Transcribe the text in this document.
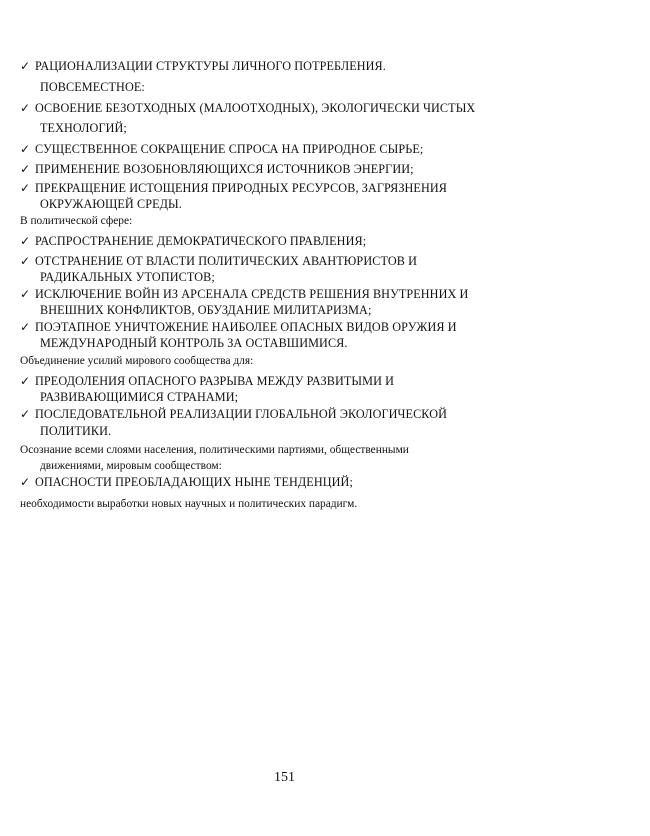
✓ РАЦИОНАЛИЗАЦИИ СТРУКТУРЫ ЛИЧНОГО ПОТРЕБЛЕНИЯ.
ПОВСЕМЕСТНОЕ:
✓ ОСВОЕНИЕ БЕЗОТХОДНЫХ (МАЛООТХОДНЫХ), ЭКОЛОГИЧЕСКИ ЧИСТЫХ
ТЕХНОЛОГИЙ;
✓ СУЩЕСТВЕННОЕ СОКРАЩЕНИЕ СПРОСА НА ПРИРОДНОЕ СЫРЬЕ;
✓ ПРИМЕНЕНИЕ ВОЗОБНОВЛЯЮЩИХСЯ ИСТОЧНИКОВ ЭНЕРГИИ;
✓ ПРЕКРАЩЕНИЕ ИСТОЩЕНИЯ ПРИРОДНЫХ РЕСУРСОВ, ЗАГРЯЗНЕНИЯ
ОКРУЖАЮЩЕЙ СРЕДЫ.
В политической сфере:
✓ РАСПРОСТРАНЕНИЕ ДЕМОКРАТИЧЕСКОГО ПРАВЛЕНИЯ;
✓ ОТСТРАНЕНИЕ ОТ ВЛАСТИ ПОЛИТИЧЕСКИХ АВАНТЮРИСТОВ И
РАДИКАЛЬНЫХ УТОПИСТОВ;
✓ ИСКЛЮЧЕНИЕ ВОЙН ИЗ АРСЕНАЛА СРЕДСТВ РЕШЕНИЯ ВНУТРЕННИХ И
ВНЕШНИХ КОНФЛИКТОВ, ОБУЗДАНИЕ МИЛИТАРИЗМА;
✓ ПОЭТАПНОЕ УНИЧТОЖЕНИЕ НАИБОЛЕЕ ОПАСНЫХ ВИДОВ ОРУЖИЯ И
МЕЖДУНАРОДНЫЙ КОНТРОЛЬ ЗА ОСТАВШИМИСЯ.
Объединение усилий мирового сообщества для:
✓ ПРЕОДОЛЕНИЯ ОПАСНОГО РАЗРЫВА МЕЖДУ РАЗВИТЫМИ И
РАЗВИВАЮЩИМИСЯ СТРАНАМИ;
✓ ПОСЛЕДОВАТЕЛЬНОЙ РЕАЛИЗАЦИИ ГЛОБАЛЬНОЙ ЭКОЛОГИЧЕСКОЙ
ПОЛИТИКИ.
Осознание всеми слоями населения, политическими партиями, общественными
движениями, мировым сообществом:
✓ ОПАСНОСТИ ПРЕОБЛАДАЮЩИХ НЫНЕ ТЕНДЕНЦИЙ;
необходимости выработки новых научных и политических парадигм.
151
